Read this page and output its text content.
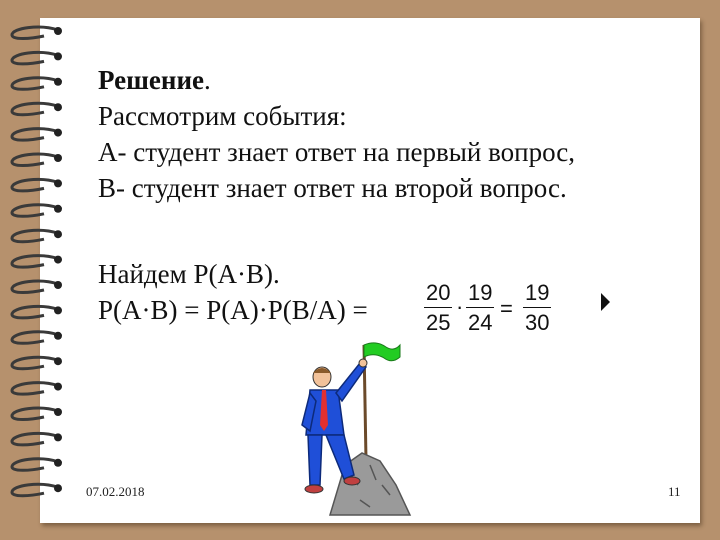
Решение.
Рассмотрим события:
А- студент знает ответ на первый вопрос,
В- студент знает ответ на второй вопрос.
Найдем Р(А·В).
Р(А·В) = Р(А)·Р(В/А) =	$\frac{20}{25} \cdot \frac{19}{24} = \frac{19}{30}$
07.02.2018	11
